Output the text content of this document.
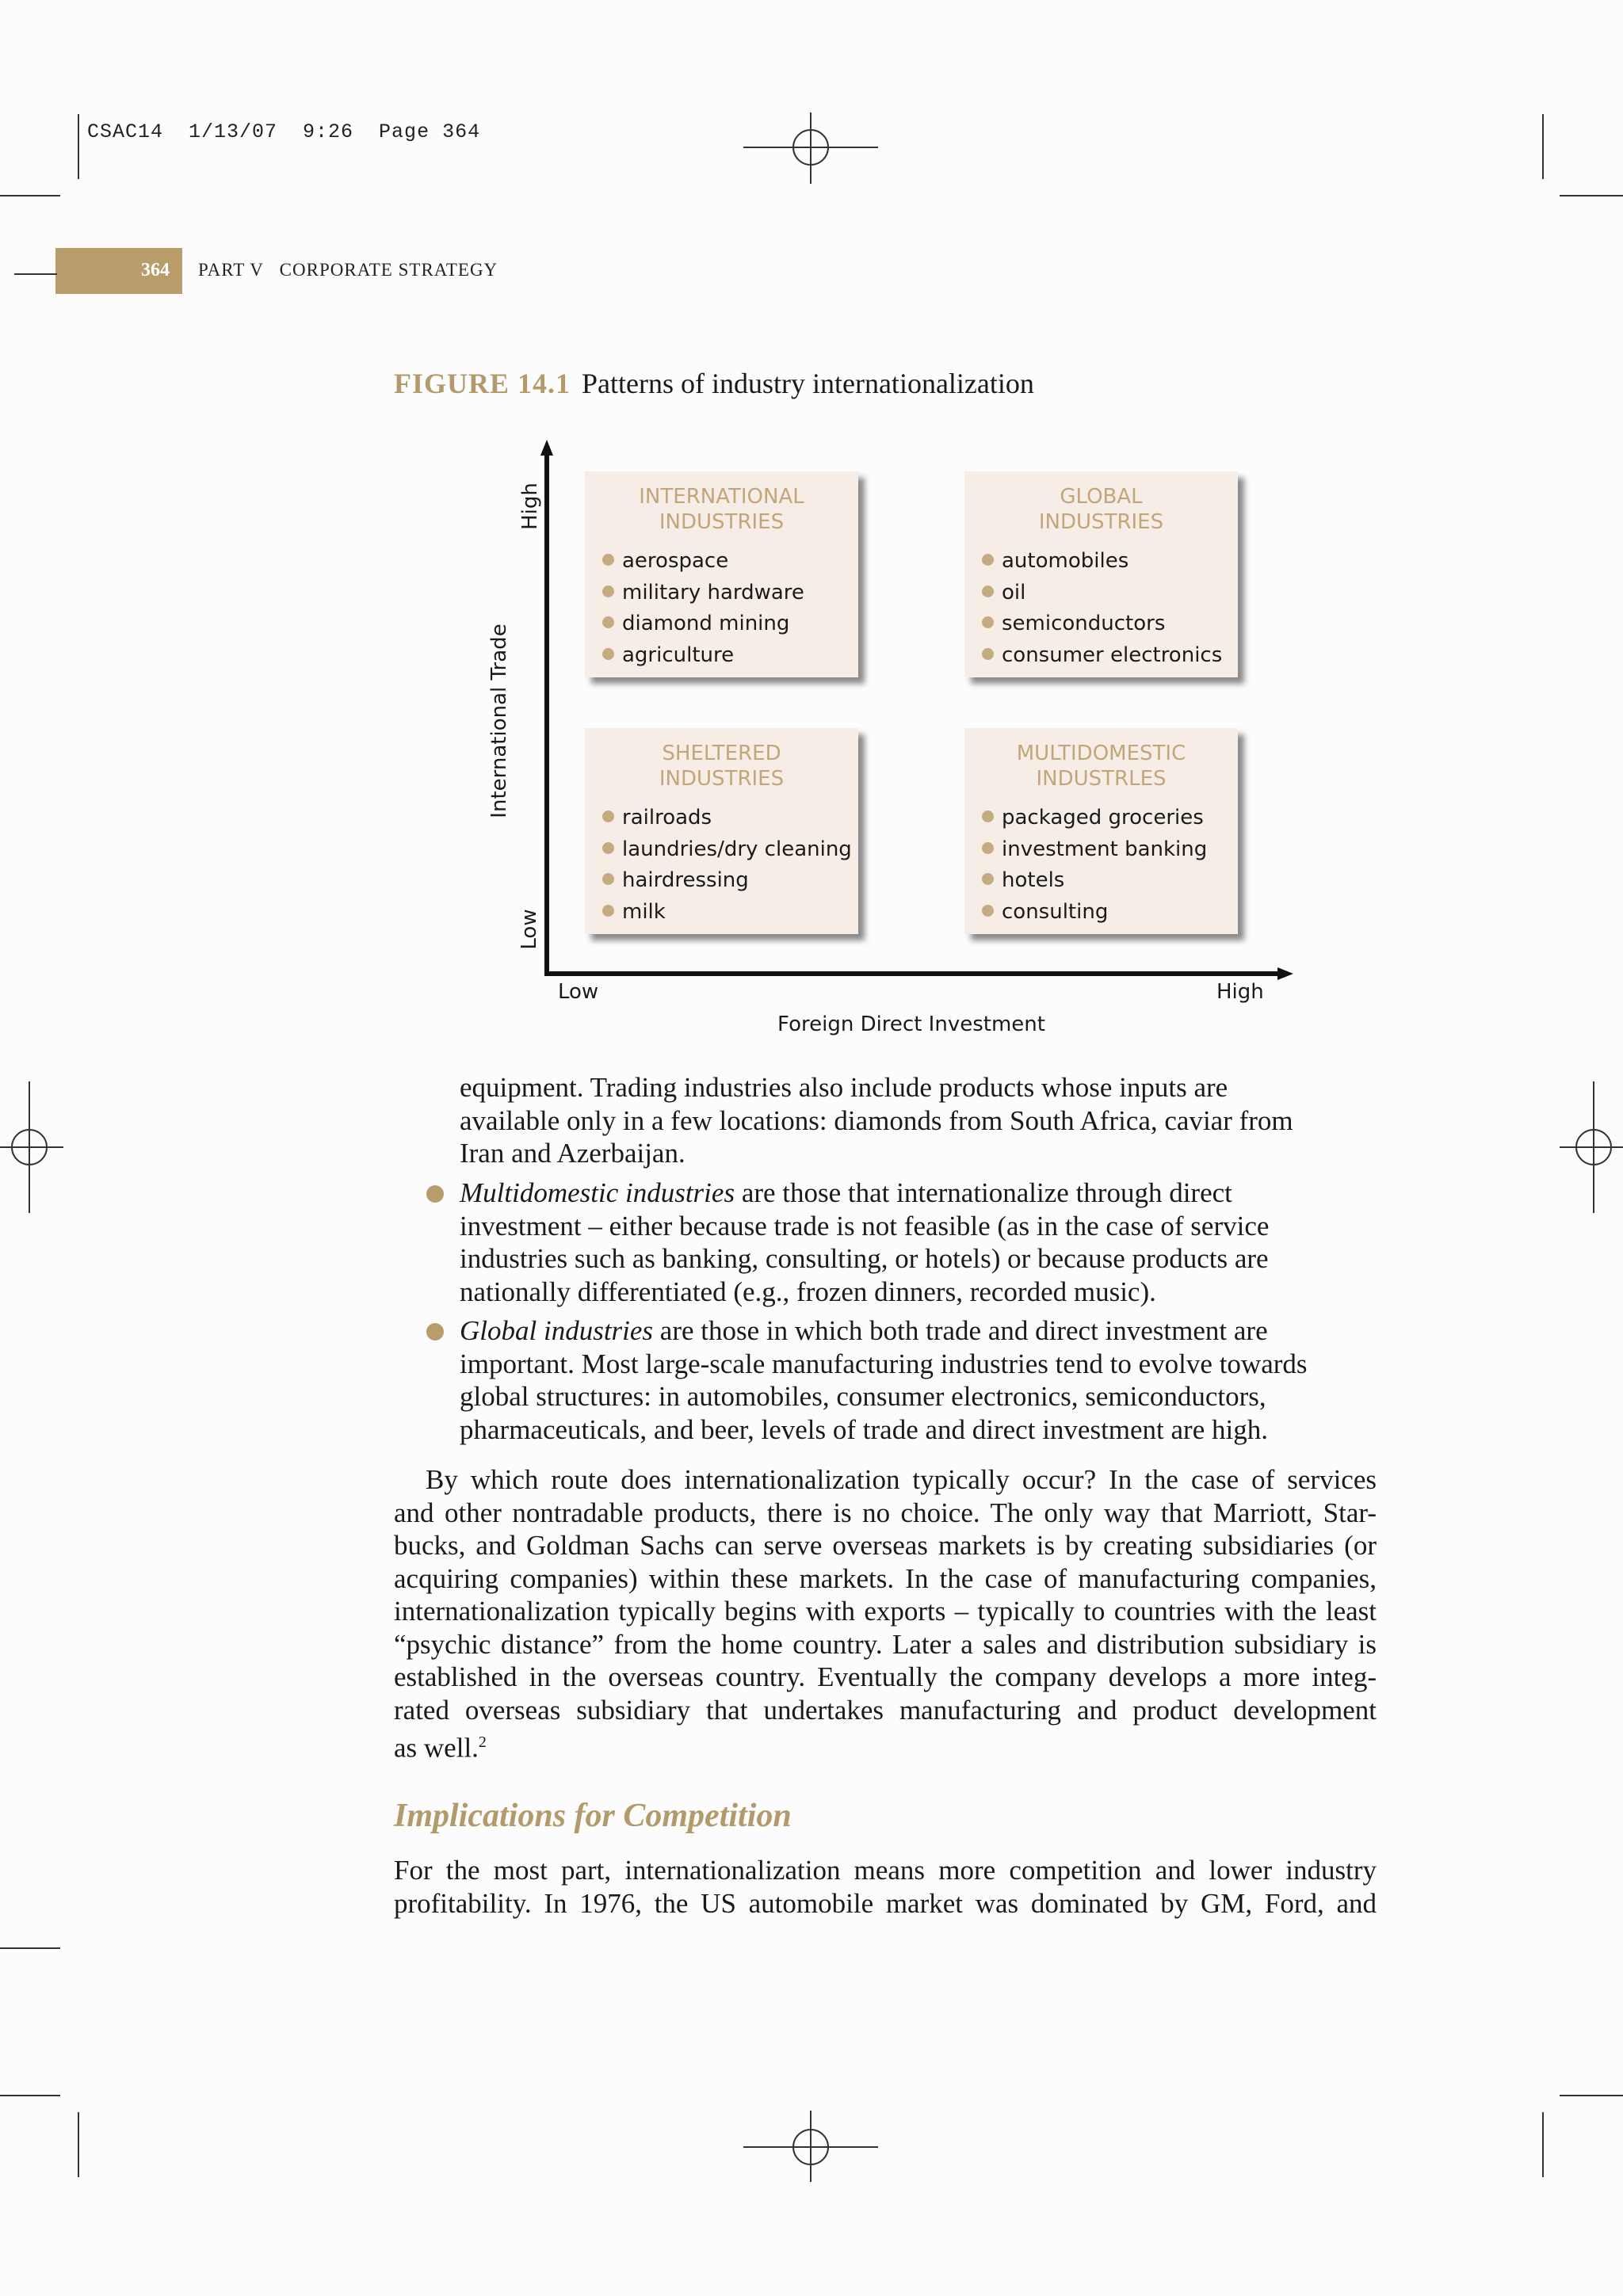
CSAC14  1/13/07  9:26  Page 364
364 PART V   CORPORATE STRATEGY
FIGURE 14.1 Patterns of industry internationalization
International Trade
High
Low
Low	High
Foreign Direct Investment
INTERNATIONAL
INDUSTRIES
aerospace
military hardware
diamond mining
agriculture
GLOBAL
INDUSTRIES
automobiles
oil
semiconductors
consumer electronics
SHELTERED
INDUSTRIES
railroads
laundries/dry cleaning
hairdressing
milk
MULTIDOMESTIC
INDUSTRLES
packaged groceries
investment banking
hotels
consulting
equipment. Trading industries also include products whose inputs are
available only in a few locations: diamonds from South Africa, caviar from
Iran and Azerbaijan.
Multidomestic industries are those that internationalize through direct
investment – either because trade is not feasible (as in the case of service
industries such as banking, consulting, or hotels) or because products are
nationally differentiated (e.g., frozen dinners, recorded music).
Global industries are those in which both trade and direct investment are
important. Most large-scale manufacturing industries tend to evolve towards
global structures: in automobiles, consumer electronics, semiconductors,
pharmaceuticals, and beer, levels of trade and direct investment are high.
By which route does internationalization typically occur? In the case of services
and other nontradable products, there is no choice. The only way that Marriott, Star-
bucks, and Goldman Sachs can serve overseas markets is by creating subsidiaries (or
acquiring companies) within these markets. In the case of manufacturing companies,
internationalization typically begins with exports – typically to countries with the least
“psychic distance” from the home country. Later a sales and distribution subsidiary is
established in the overseas country. Eventually the company develops a more integ-
rated overseas subsidiary that undertakes manufacturing and product development
as well.$^2$
Implications for Competition
For the most part, internationalization means more competition and lower industry
profitability. In 1976, the US automobile market was dominated by GM, Ford, and
